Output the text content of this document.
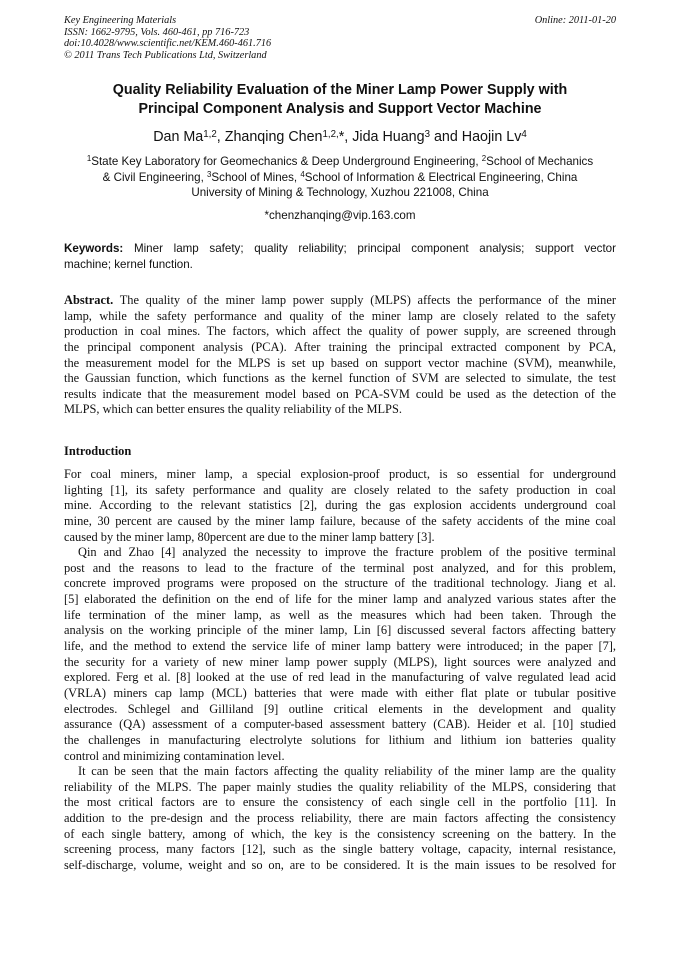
Key Engineering Materials
ISSN: 1662-9795, Vols. 460-461, pp 716-723
doi:10.4028/www.scientific.net/KEM.460-461.716
© 2011 Trans Tech Publications Ltd, Switzerland
Online: 2011-01-20
Quality Reliability Evaluation of the Miner Lamp Power Supply with
Principal Component Analysis and Support Vector Machine
Dan Ma$^{1,2}$, Zhanqing Chen$^{1,2,}$*, Jida Huang$^3$ and Haojin Lv$^4$
$^1$State Key Laboratory for Geomechanics & Deep Underground Engineering, $^2$School of Mechanics
& Civil Engineering, $^3$School of Mines, $^4$School of Information & Electrical Engineering, China
University of Mining & Technology, Xuzhou 221008, China
*chenzhanqing@vip.163.com
Keywords: Miner lamp safety; quality reliability; principal component analysis; support vector
machine; kernel function.
Abstract. The quality of the miner lamp power supply (MLPS) affects the performance of the miner
lamp, while the safety performance and quality of the miner lamp are closely related to the safety
production in coal mines. The factors, which affect the quality of power supply, are screened through
the principal component analysis (PCA). After training the principal extracted component by PCA,
the measurement model for the MLPS is set up based on support vector machine (SVM), meanwhile,
the Gaussian function, which functions as the kernel function of SVM are selected to simulate, the test
results indicate that the measurement model based on PCA-SVM could be used as the detection of the
MLPS, which can better ensures the quality reliability of the MLPS.
Introduction
For coal miners, miner lamp, a special explosion-proof product, is so essential for underground
lighting [1], its safety performance and quality are closely related to the safety production in coal
mine. According to the relevant statistics [2], during the gas explosion accidents underground coal
mine, 30 percent are caused by the miner lamp failure, because of the safety accidents of the mine coal
caused by the miner lamp, 80percent are due to the miner lamp battery [3].
Qin and Zhao [4] analyzed the necessity to improve the fracture problem of the positive terminal
post and the reasons to lead to the fracture of the terminal post analyzed, and for this problem,
concrete improved programs were proposed on the structure of the traditional technology. Jiang et al.
[5] elaborated the definition on the end of life for the miner lamp and analyzed various states after the
life termination of the miner lamp, as well as the measures which had been taken. Through the
analysis on the working principle of the miner lamp, Lin [6] discussed several factors affecting battery
life, and the method to extend the service life of miner lamp battery were introduced; in the paper [7],
the security for a variety of new miner lamp power supply (MLPS), light sources were analyzed and
explored. Ferg et al. [8] looked at the use of red lead in the manufacturing of valve regulated lead acid
(VRLA) miners cap lamp (MCL) batteries that were made with either flat plate or tubular positive
electrodes. Schlegel and Gilliland [9] outline critical elements in the development and quality
assurance (QA) assessment of a computer-based assessment battery (CAB). Heider et al. [10] studied
the challenges in manufacturing electrolyte solutions for lithium and lithium ion batteries quality
control and minimizing contamination level.
It can be seen that the main factors affecting the quality reliability of the miner lamp are the quality
reliability of the MLPS. The paper mainly studies the quality reliability of the MLPS, considering that
the most critical factors are to ensure the consistency of each single cell in the portfolio [11]. In
addition to the pre-design and the process reliability, there are main factors affecting the consistency
of each single battery, among of which, the key is the consistency screening on the battery. In the
screening process, many factors [12], such as the single battery voltage, capacity, internal resistance,
self-discharge, volume, weight and so on, are to be considered. It is the main issues to be resolved for
